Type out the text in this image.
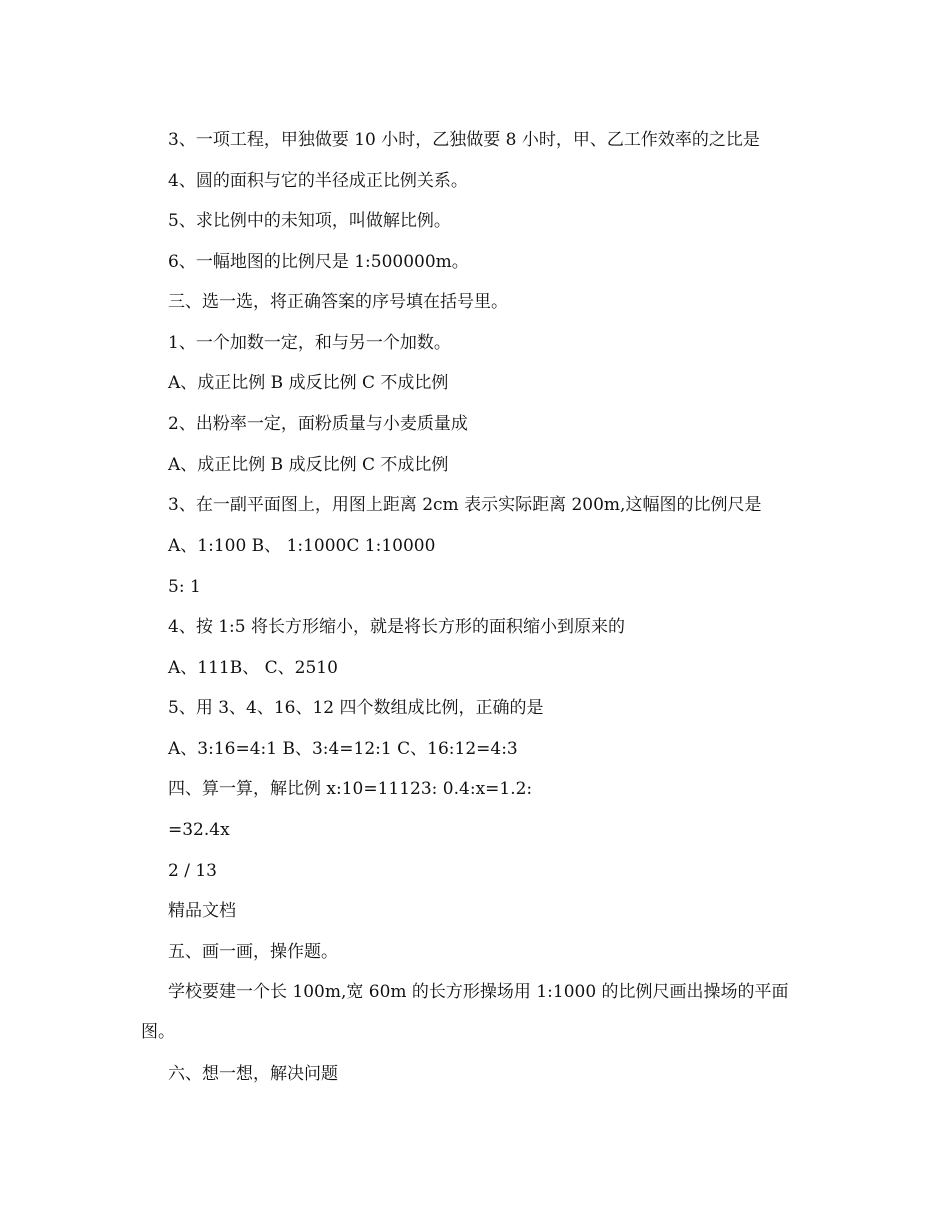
3、一项工程，甲独做要 10 小时，乙独做要 8 小时，甲、乙工作效率的之比是
4、圆的面积与它的半径成正比例关系。
5、求比例中的未知项，叫做解比例。
6、一幅地图的比例尺是 1:500000m。
三、选一选，将正确答案的序号填在括号里。
1、一个加数一定，和与另一个加数。
A、成正比例 B 成反比例 C 不成比例
2、出粉率一定，面粉质量与小麦质量成
A、成正比例 B 成反比例 C 不成比例
3、在一副平面图上，用图上距离 2cm 表示实际距离 200m,这幅图的比例尺是
A、1:100 B、 1:1000C 1:10000
5: 1
4、按 1:5 将长方形缩小，就是将长方形的面积缩小到原来的
A、111B、 C、2510
5、用 3、4、16、12 四个数组成比例，正确的是
A、3:16=4:1 B、3:4=12:1 C、16:12=4:3
四、算一算，解比例 x:10=11123: 0.4:x=1.2:
=32.4x
2 / 13
精品文档
五、画一画，操作题。
学校要建一个长 100m,宽 60m 的长方形操场用 1:1000 的比例尺画出操场的平面图。
六、想一想，解决问题
